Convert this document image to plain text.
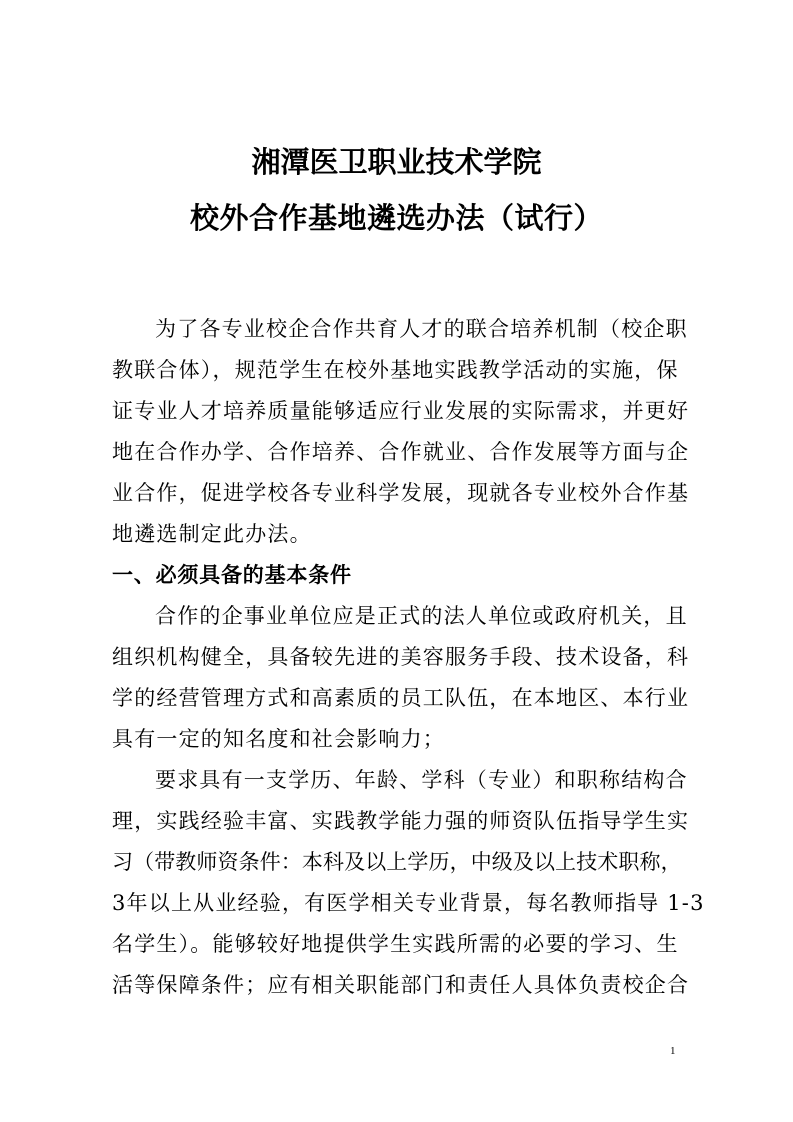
湘潭医卫职业技术学院
校外合作基地遴选办法（试行）
为了各专业校企合作共育人才的联合培养机制（校企职
教联合体），规范学生在校外基地实践教学活动的实施，保
证专业人才培养质量能够适应行业发展的实际需求，并更好
地在合作办学、合作培养、合作就业、合作发展等方面与企
业合作，促进学校各专业科学发展，现就各专业校外合作基
地遴选制定此办法。
一、必须具备的基本条件
合作的企事业单位应是正式的法人单位或政府机关，且
组织机构健全，具备较先进的美容服务手段、技术设备，科
学的经营管理方式和高素质的员工队伍，在本地区、本行业
具有一定的知名度和社会影响力；
要求具有一支学历、年龄、学科（专业）和职称结构合
理，实践经验丰富、实践教学能力强的师资队伍指导学生实
习（带教师资条件：本科及以上学历，中级及以上技术职称，
3年以上从业经验，有医学相关专业背景，每名教师指导 1-3
名学生）。能够较好地提供学生实践所需的必要的学习、生
活等保障条件；应有相关职能部门和责任人具体负责校企合
1
